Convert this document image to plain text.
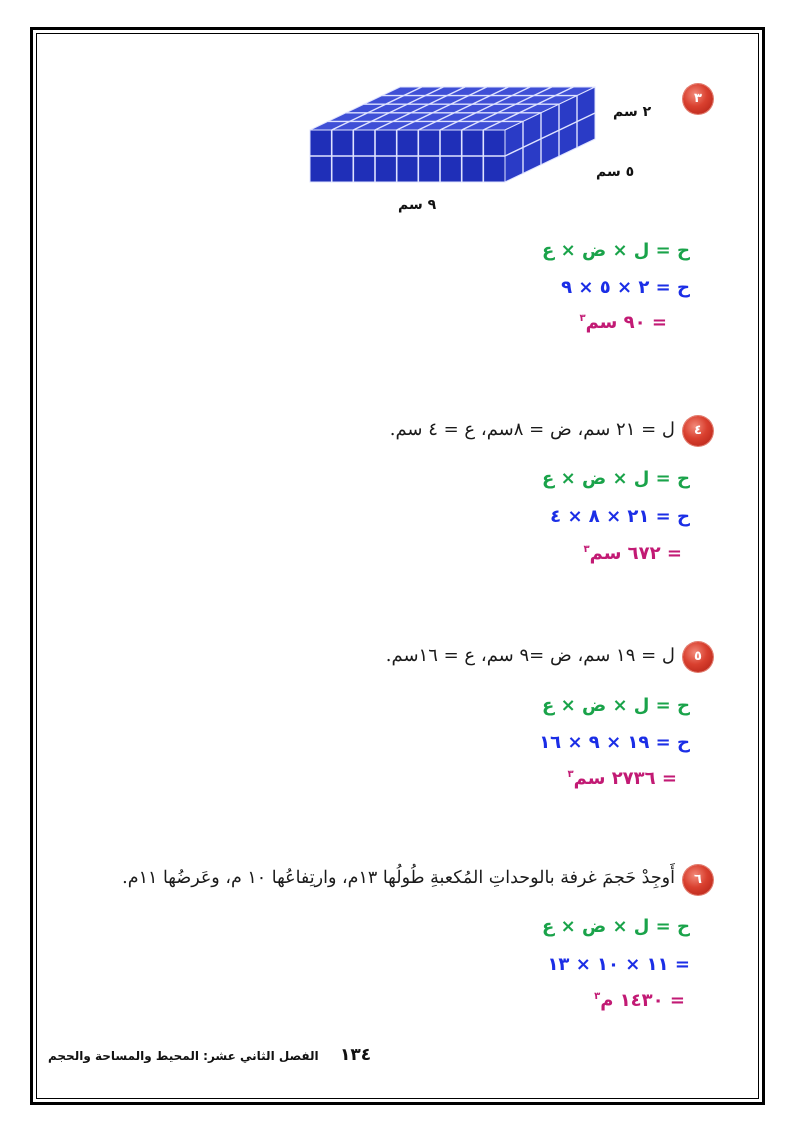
٣
٢ سم
٥ سم
٩ سم
ح = ل × ض × ع
ح = ٢ × ٥ × ٩
= ٩٠ سم$^٣$
٤
ل = ٢١ سم، ض = ٨سم، ع = ٤ سم.
ح = ل × ض × ع
ح = ٢١ × ٨ × ٤
= ٦٧٢ سم$^٣$
٥
ل = ١٩ سم، ض =٩ سم، ع = ١٦سم.
ح = ل × ض × ع
ح = ١٩ × ٩ × ١٦
= ٢٧٣٦ سم$^٣$
٦
أَوجِدْ حَجمَ غرفة بالوحداتِ المُكعبةِ طُولُها ١٣م، وارتِفاعُها ١٠ م، وعَرضُها ١١م.
ح = ل × ض × ع
= ١١ × ١٠ × ١٣
= ١٤٣٠ م$^٣$
١٣٤
الفصل الثاني عشر: المحيط والمساحة والحجم
